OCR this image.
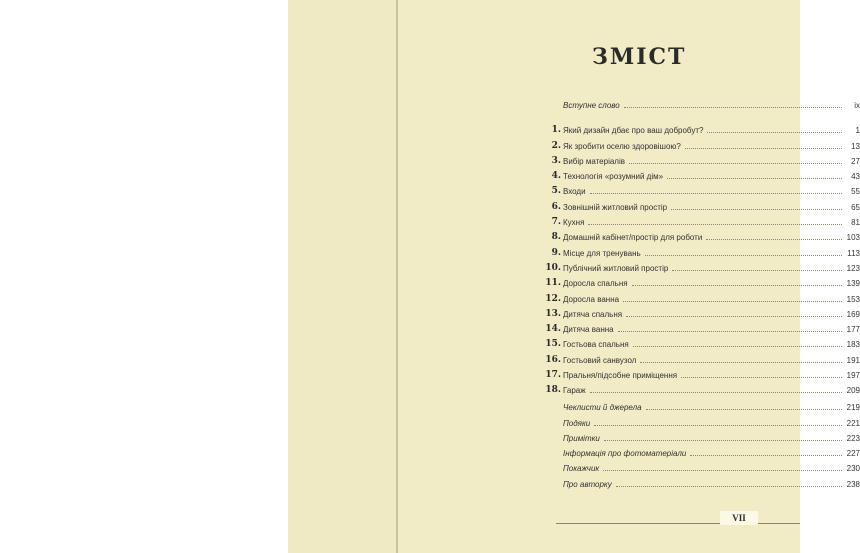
ЗМІСТ
Вступне слово	ix
1. Який дизайн дбає про ваш добробут?	1
2. Як зробити оселю здоровішою?	13
3. Вибір матеріалів	27
4. Технологія «розумний дім»	43
5. Входи	55
6. Зовнішній житловий простір	65
7. Кухня	81
8. Домашній кабінет/простір для роботи	103
9. Місце для тренувань	113
10. Публічний житловий простір	123
11. Доросла спальня	139
12. Доросла ванна	153
13. Дитяча спальня	169
14. Дитяча ванна	177
15. Гостьова спальня	183
16. Гостьовий санвузол	191
17. Пральня/підсобне приміщення	197
18. Гараж	209
Чеклисти й джерела	219
Подяки	221
Примітки	223
Інформація про фотоматеріали	227
Покажчик	230
Про авторку	238
VII
